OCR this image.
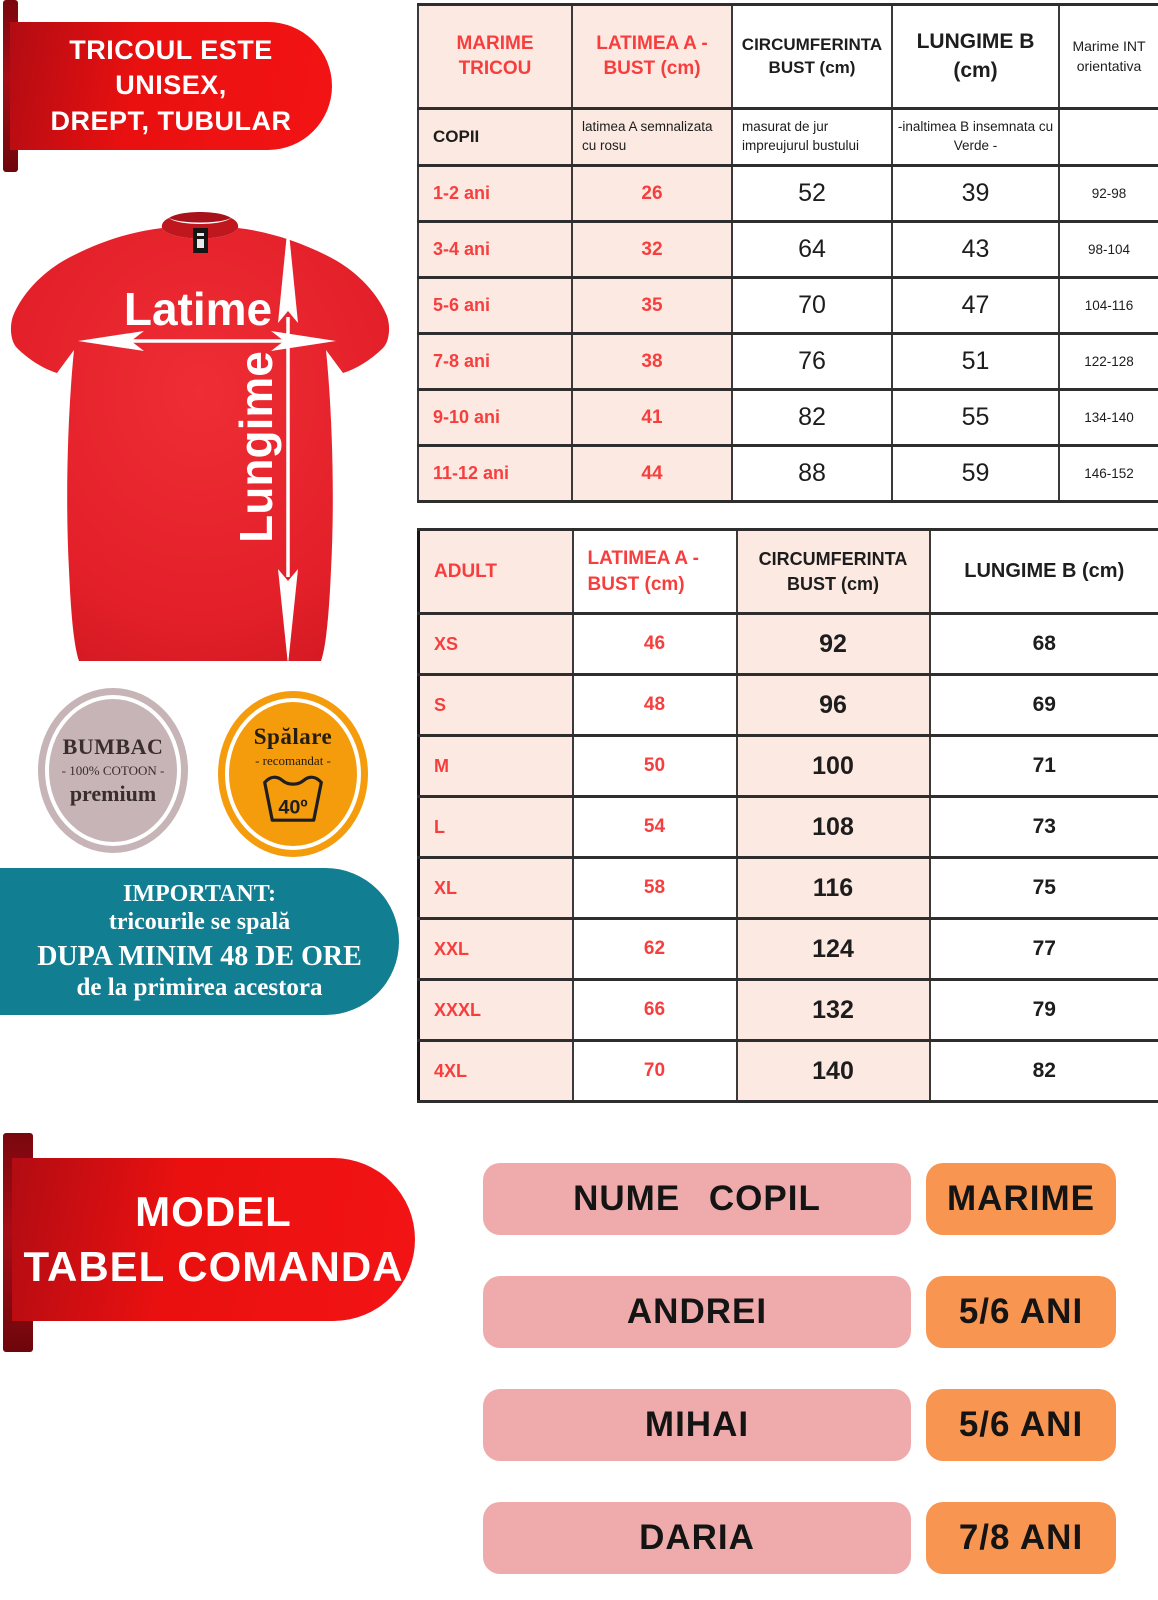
TRICOUL ESTE
UNISEX,
DREPT, TUBULAR
Latime
Lungime
BUMBAC
- 100% COTOON -
premium
Spălare
- recomandat -
40º
IMPORTANT:
tricourile se spală
DUPA MINIM 48 DE ORE
de la primirea acestora
MODEL
TABEL COMANDA
MARIME TRICOU	LATIMEA A - BUST (cm)	CIRCUMFERINTA BUST (cm)	LUNGIME B (cm)	Marime INT orientativa
COPII	latimea A semnalizata cu rosu	masurat de jur impreujurul bustului	-inaltimea B insemnata cu Verde -	
1-2 ani	26	52	39	92-98
3-4 ani	32	64	43	98-104
5-6 ani	35	70	47	104-116
7-8 ani	38	76	51	122-128
9-10 ani	41	82	55	134-140
11-12 ani	44	88	59	146-152
ADULT	LATIMEA A - BUST (cm)	CIRCUMFERINTA BUST (cm)	LUNGIME B (cm)
XS	46	92	68
S	48	96	69
M	50	100	71
L	54	108	73
XL	58	116	75
XXL	62	124	77
XXXL	66	132	79
4XL	70	140	82
NUME COPIL	MARIME
ANDREI	5/6 ANI
MIHAI	5/6 ANI
DARIA	7/8 ANI
